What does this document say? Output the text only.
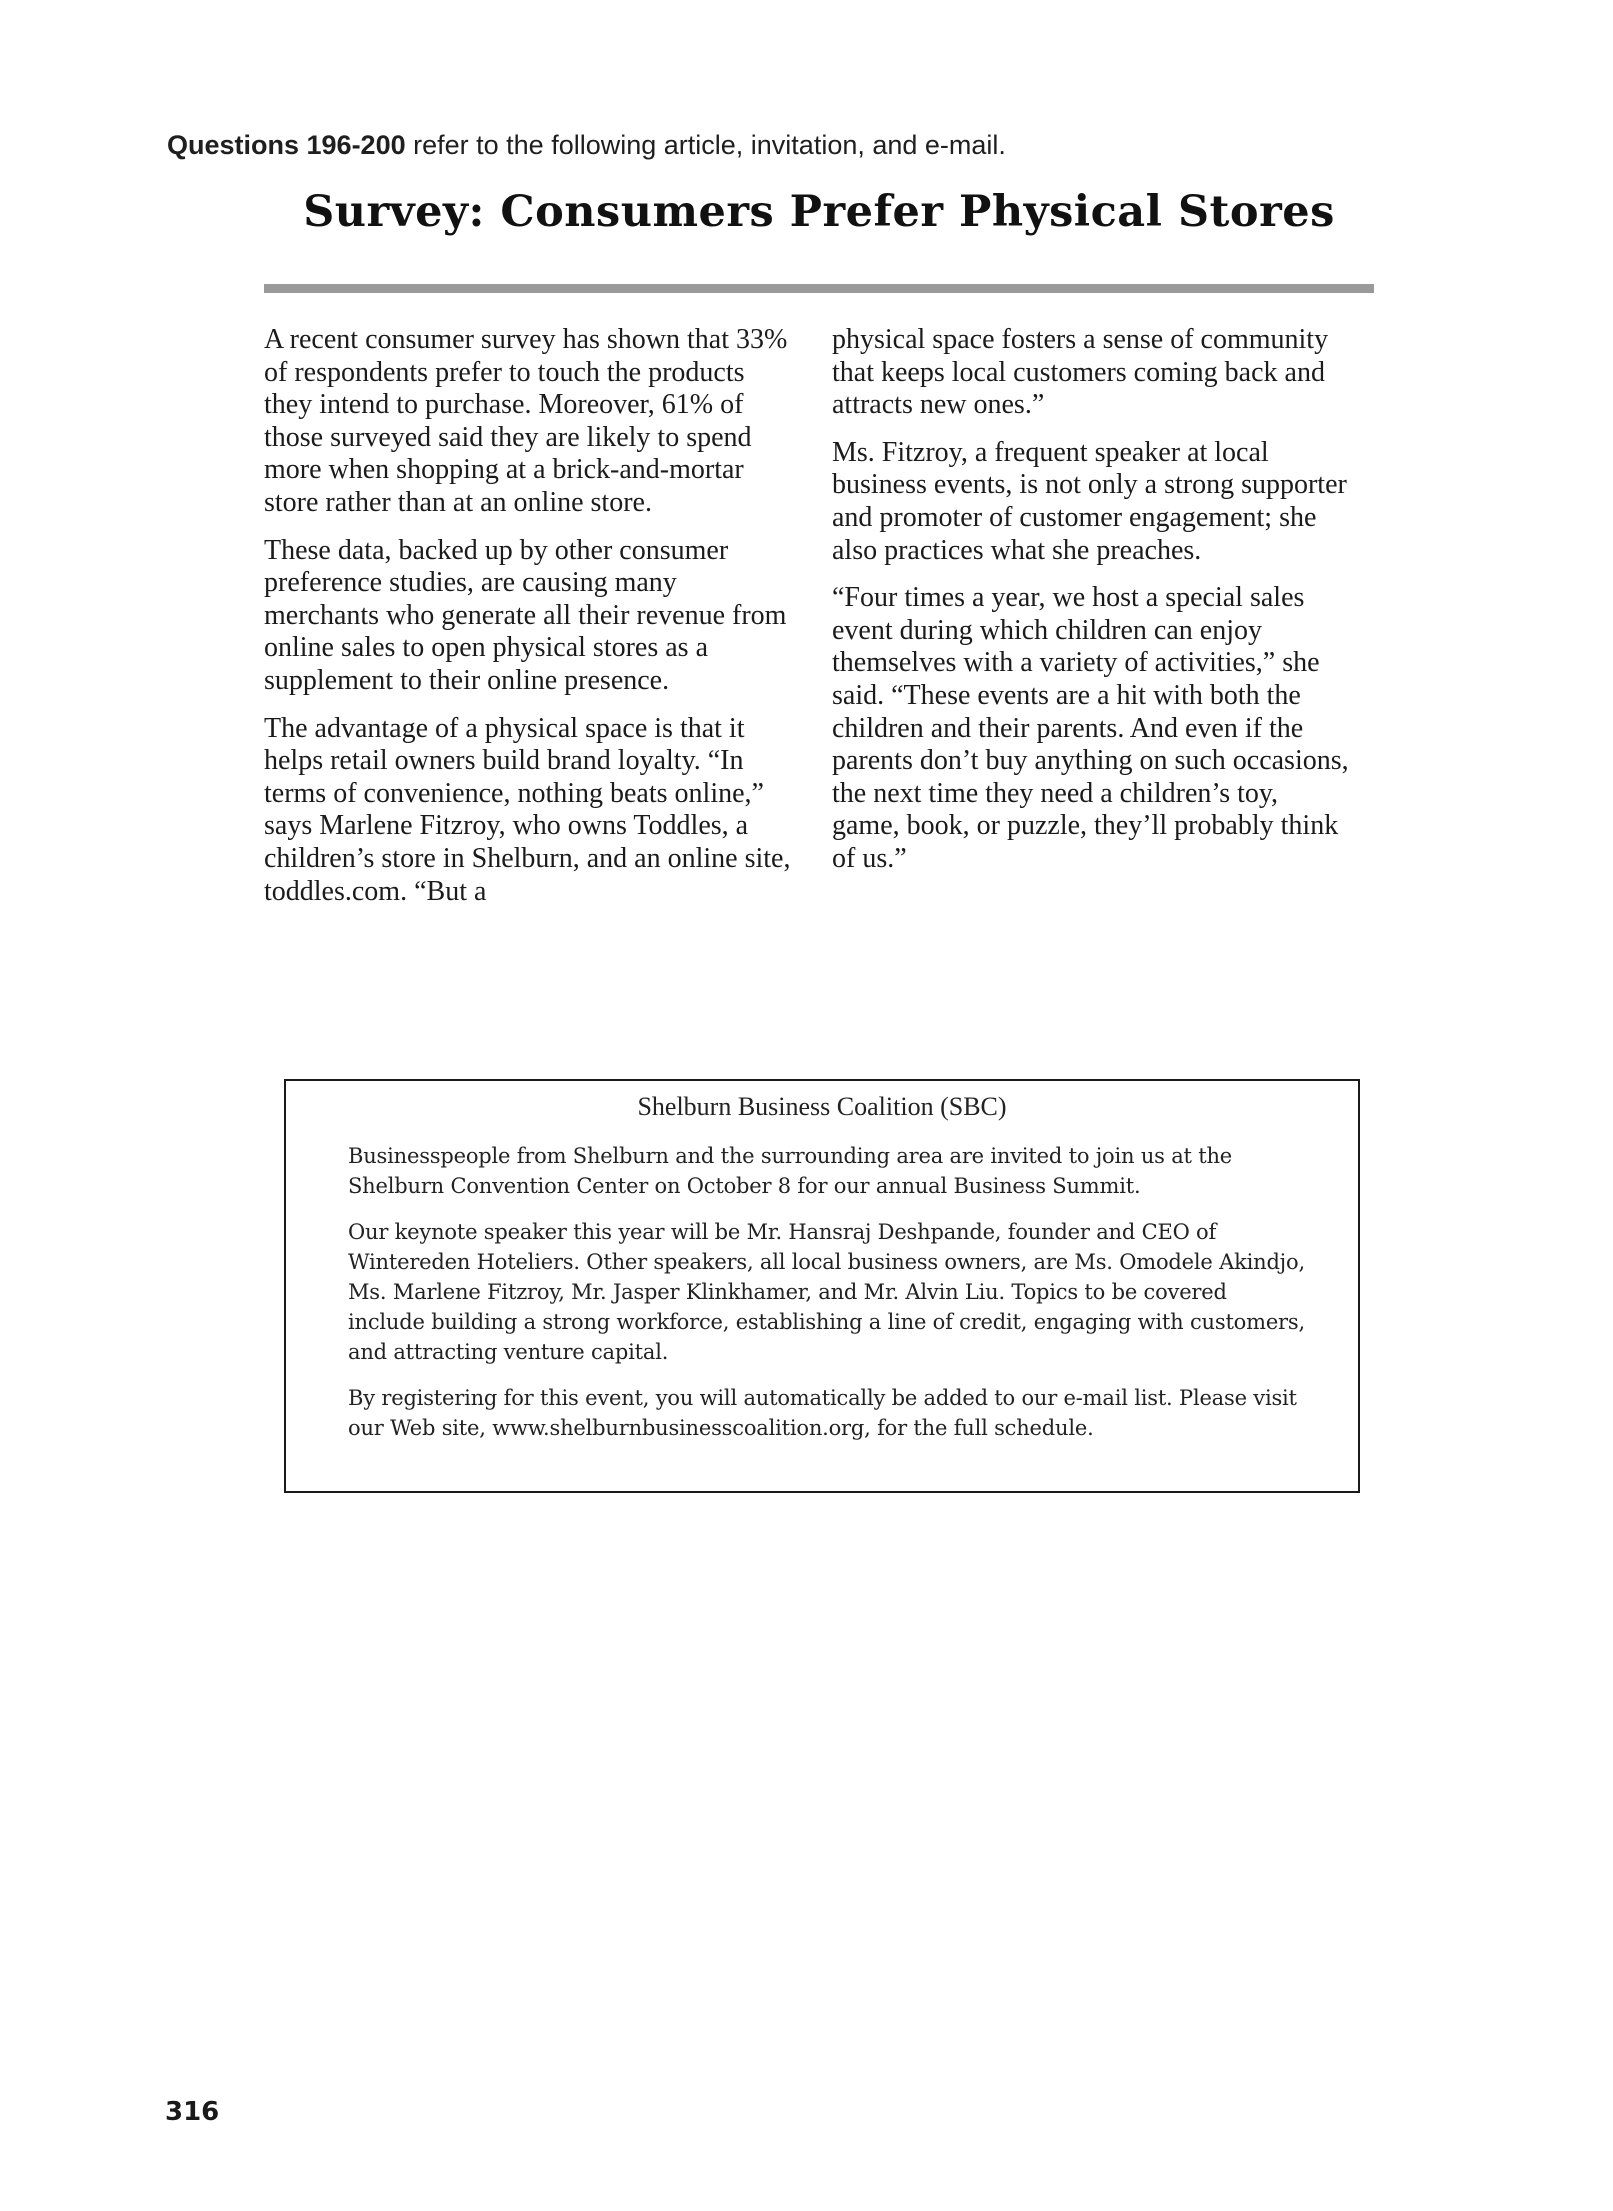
Questions 196-200 refer to the following article, invitation, and e-mail.
Survey: Consumers Prefer Physical Stores

A recent consumer survey has shown that 33% of respondents prefer to touch the products they intend to purchase. Moreover, 61% of those surveyed said they are likely to spend more when shopping at a brick-and-mortar store rather than at an online store.

These data, backed up by other consumer preference studies, are causing many merchants who generate all their revenue from online sales to open physical stores as a supplement to their online presence.

The advantage of a physical space is that it helps retail owners build brand loyalty. “In terms of convenience, nothing beats online,” says Marlene Fitzroy, who owns Toddles, a children’s store in Shelburn, and an online site, toddles.com. “But a

physical space fosters a sense of community that keeps local customers coming back and attracts new ones.”

Ms. Fitzroy, a frequent speaker at local business events, is not only a strong supporter and promoter of customer engagement; she also practices what she preaches.

“Four times a year, we host a special sales event during which children can enjoy themselves with a variety of activities,” she said. “These events are a hit with both the children and their parents. And even if the parents don’t buy anything on such occasions, the next time they need a children’s toy, game, book, or puzzle, they’ll probably think of us.”

Shelburn Business Coalition (SBC)

Businesspeople from Shelburn and the surrounding area are invited to join us at the Shelburn Convention Center on October 8 for our annual Business Summit.

Our keynote speaker this year will be Mr. Hansraj Deshpande, founder and CEO of Wintereden Hoteliers. Other speakers, all local business owners, are Ms. Omodele Akindjo, Ms. Marlene Fitzroy, Mr. Jasper Klinkhamer, and Mr. Alvin Liu. Topics to be covered include building a strong workforce, establishing a line of credit, engaging with customers, and attracting venture capital.

By registering for this event, you will automatically be added to our e-mail list. Please visit our Web site, www.shelburnbusinesscoalition.org, for the full schedule.

316
